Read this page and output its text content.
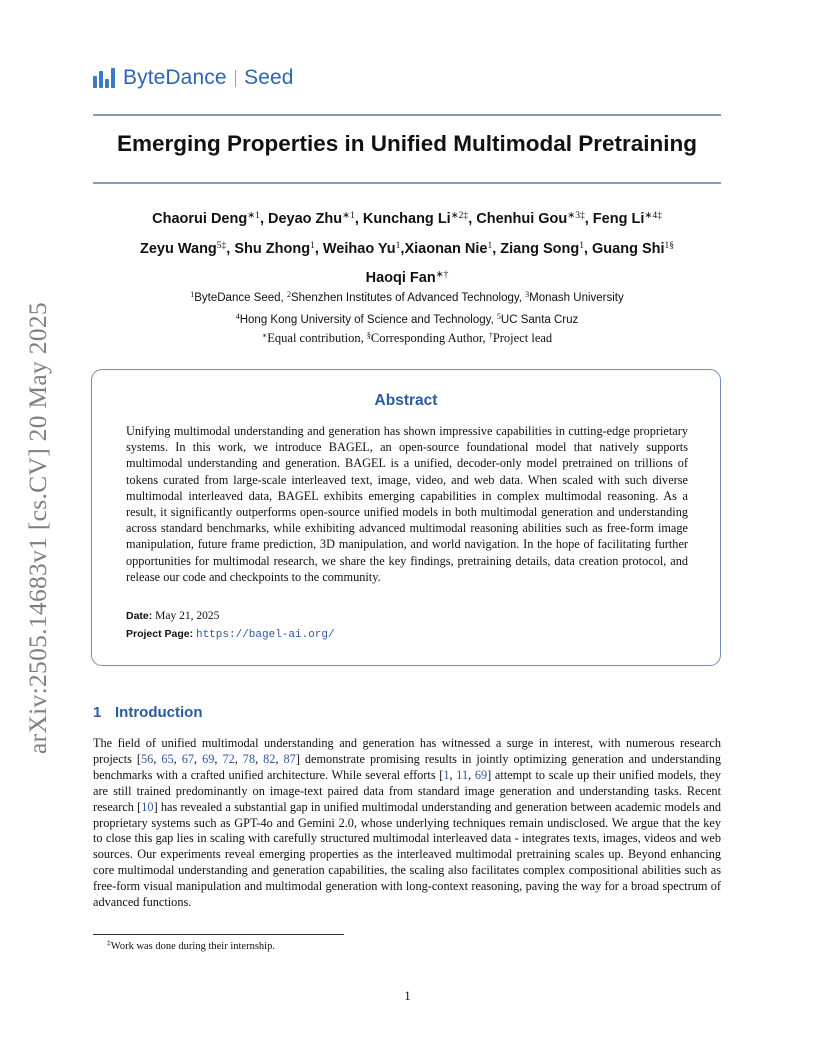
arXiv:2505.14683v1 [cs.CV] 20 May 2025
ByteDance Seed
Emerging Properties in Unified Multimodal Pretraining
Chaorui Deng$^{∗1}$, Deyao Zhu$^{∗1}$, Kunchang $Li^{∗2\ddagger}$, Chenhui Gou$^{∗3\ddagger}$, Feng $Li^{∗4\ddagger}$
Zeyu Wang$^{5\ddagger}$, Shu Zhong$^1$, Weihao Yu$^1$,Xiaonan Nie$^1$, Ziang Song$^1$, Guang Shi$^{1\S}$
Haoqi Fan∗†
$^1$ByteDance Seed, $^2$Shenzhen Institutes of Advanced Technology, $^3$Monash University
$^4$Hong Kong University of Science and Technology, $^5$UC Santa Cruz
∗Equal contribution, §Corresponding Author, †Project lead
Abstract
Unifying multimodal understanding and generation has shown impressive capabilities in cutting-edge proprietary systems. In this work, we introduce BAGEL, an open-source foundational model that natively supports multimodal understanding and generation. BAGEL is a unified, decoder-only model pretrained on trillions of tokens curated from large-scale interleaved text, image, video, and web data. When scaled with such diverse multimodal interleaved data, BAGEL exhibits emerging capabilities in complex multimodal reasoning. As a result, it significantly outperforms open-source unified models in both multimodal generation and understanding across standard benchmarks, while exhibiting advanced multimodal reasoning abilities such as free-form image manipulation, future frame prediction, 3D manipulation, and world navigation. In the hope of facilitating further opportunities for multimodal research, we share the key findings, pretraining details, data creation protocol, and release our code and checkpoints to the community.
Date: May 21, 2025
Project Page: https://bagel-ai.org/
1 Introduction
The field of unified multimodal understanding and generation has witnessed a surge in interest, with numerous research projects [56, 65, 67, 69, 72, 78, 82, 87] demonstrate promising results in jointly optimizing generation and understanding benchmarks with a crafted unified architecture. While several efforts [1, 11, 69] attempt to scale up their unified models, they are still trained predominantly on image-text paired data from standard image generation and understanding tasks. Recent research [10] has revealed a substantial gap in unified multimodal understanding and generation between academic models and proprietary systems such as GPT-4o and Gemini 2.0, whose underlying techniques remain undisclosed. We argue that the key to close this gap lies in scaling with carefully structured multimodal interleaved data - integrates texts, images, videos and web sources. Our experiments reveal emerging properties as the interleaved multimodal pretraining scales up. Beyond enhancing core multimodal understanding and generation capabilities, the scaling also facilitates complex compositional abilities such as free-form visual manipulation and multimodal generation with long-context reasoning, paving the way for a broad spectrum of advanced functions.
‡Work was done during their internship.
1
